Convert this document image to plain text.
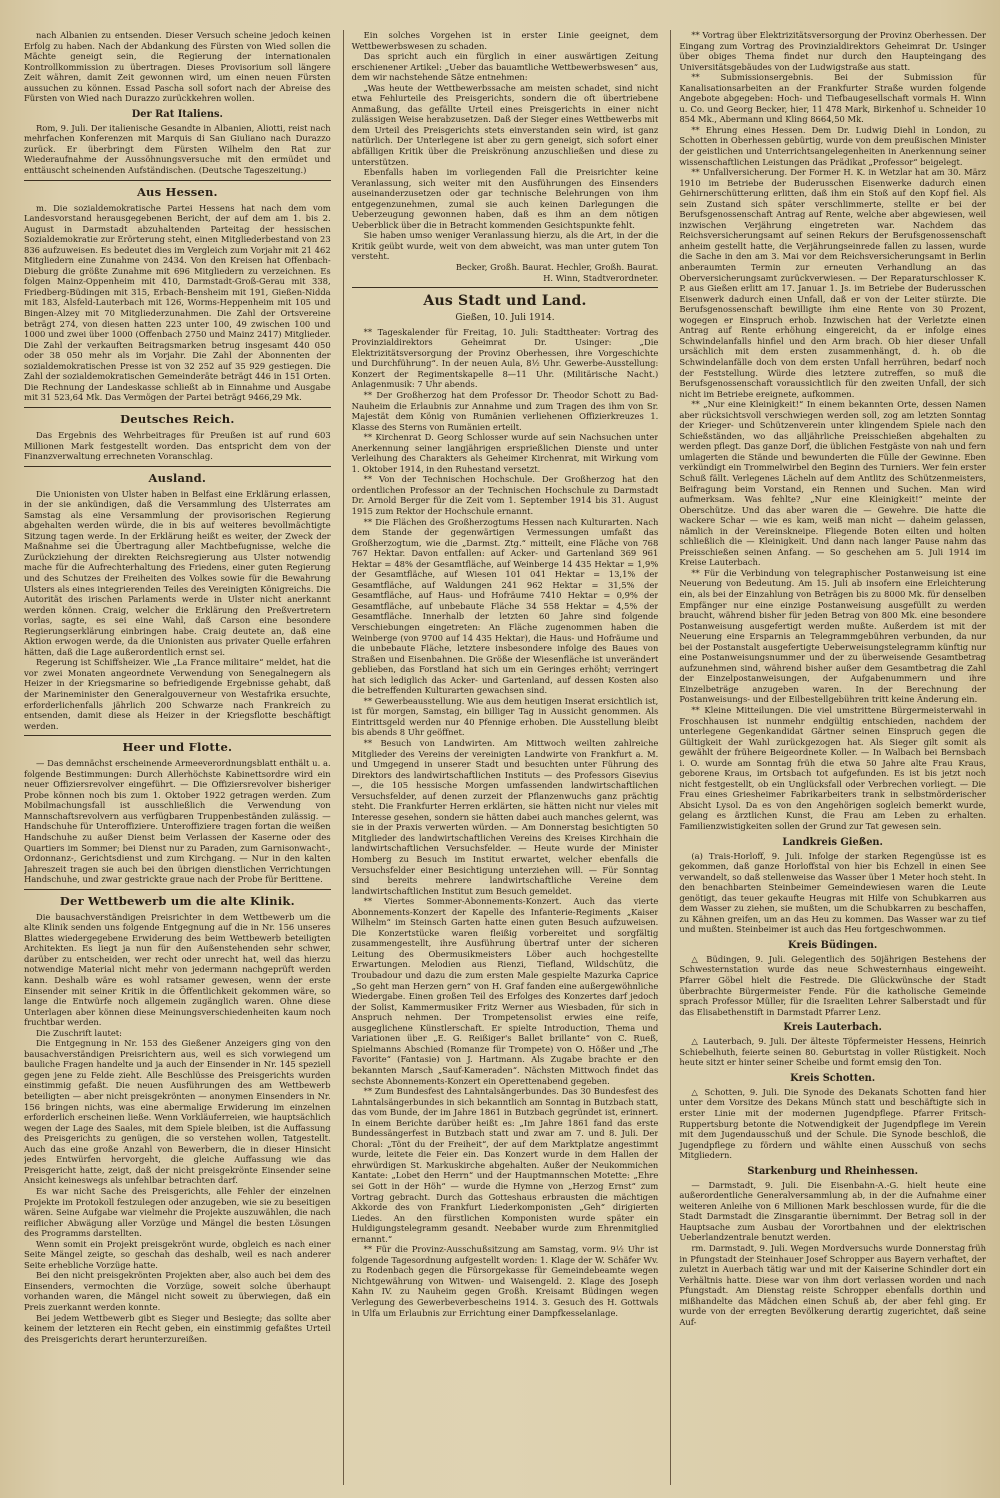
nach Albanien zu entsenden. Dieser Versuch scheine jedoch keinen Erfolg zu haben. Nach der Abdankung des Fürsten von Wied sollen die Mächte geneigt sein, die Regierung der internationalen Kontrollkommission zu übertragen. Dieses Provisorium soll längere Zeit währen, damit Zeit gewonnen wird, um einen neuen Fürsten aussuchen zu können. Essad Pascha soll sofort nach der Abreise des Fürsten von Wied nach Durazzo zurückkehren wollen.

Der Rat Italiens.

Rom, 9. Juli. Der italienische Gesandte in Albanien, Aliotti, reist nach mehrfachen Konferenzen mit Marquis di San Giuliano nach Durazzo zurück. Er überbringt dem Fürsten Wilhelm den Rat zur Wiederaufnahme der Aussöhnungsversuche mit den ermüdet und enttäuscht scheinenden Aufständischen. (Deutsche Tageszeitung.)

Aus Hessen.

m. Die sozialdemokratische Partei Hessens hat nach dem vom Landesvorstand herausgegebenen Bericht, der auf dem am 1. bis 2. August in Darmstadt abzuhaltenden Parteitag der hessischen Sozialdemokratie zur Erörterung steht, einen Mitgliederbestand von 23 836 aufzuweisen. Es bedeutet dies im Vergleich zum Vorjahr mit 21 462 Mitgliedern eine Zunahme von 2434. Von den Kreisen hat Offenbach-Dieburg die größte Zunahme mit 696 Mitgliedern zu verzeichnen. Es folgen Mainz-Oppenheim mit 410, Darmstadt-Groß-Gerau mit 338, Friedberg-Büdingen mit 315, Erbach-Bensheim mit 191, Gießen-Nidda mit 183, Alsfeld-Lauterbach mit 126, Worms-Heppenheim mit 105 und Bingen-Alzey mit 70 Mitgliederzunahmen. Die Zahl der Ortsvereine beträgt 274, von diesen hatten 223 unter 100, 49 zwischen 100 und 1000 und zwei über 1000 (Offenbach 2750 und Mainz 2417) Mitglieder. Die Zahl der verkauften Beitragsmarken betrug insgesamt 440 050 oder 38 050 mehr als im Vorjahr. Die Zahl der Abonnenten der sozialdemokratischen Presse ist von 32 252 auf 35 929 gestiegen. Die Zahl der sozialdemokratischen Gemeinderäte beträgt 446 in 151 Orten. Die Rechnung der Landeskasse schließt ab in Einnahme und Ausgabe mit 31 523,64 Mk. Das Vermögen der Partei beträgt 9466,29 Mk.

Deutsches Reich.

Das Ergebnis des Wehrbeitrages für Preußen ist auf rund 603 Millionen Mark festgestellt worden. Das entspricht dem von der Finanzverwaltung errechneten Voranschlag.

Ausland.

Die Unionisten von Ulster haben in Belfast eine Erklärung erlassen, in der sie ankündigen, daß die Versammlung des Ulsterrates am Samstag als eine Versammlung der provisorischen Regierung abgehalten werden würde, die in bis auf weiteres bevollmächtigte Sitzung tagen werde. In der Erklärung heißt es weiter, der Zweck der Maßnahme sei die Übertragung aller Machtbefugnisse, welche die Zurückziehung der direkten Reichsregierung aus Ulster notwendig mache für die Aufrechterhaltung des Friedens, einer guten Regierung und des Schutzes der Freiheiten des Volkes sowie für die Bewahrung Ulsters als eines integrierenden Teiles des Vereinigten Königreichs. Die Autorität des irischen Parlaments werde in Ulster nicht anerkannt werden können. Craig, welcher die Erklärung den Preßvertretern vorlas, sagte, es sei eine Wahl, daß Carson eine besondere Regierungserklärung einbringen habe. Craig deutete an, daß eine Aktion erwogen werde, da die Unionisten aus privater Quelle erfahren hätten, daß die Lage außerordentlich ernst sei.

Regerung ist Schiffsheizer. Wie „La France militaire“ meldet, hat die vor zwei Monaten angeordnete Verwendung von Senegalnegern als Heizer in der Kriegsmarine so befriedigende Ergebnisse gehabt, daß der Marineminister den Generalgouverneur von Westafrika ersuchte, erforderlichenfalls jährlich 200 Schwarze nach Frankreich zu entsenden, damit diese als Heizer in der Kriegsflotte beschäftigt werden.

Heer und Flotte.

— Das demnächst erscheinende Armeeverordnungsblatt enthält u. a. folgende Bestimmungen: Durch Allerhöchste Kabinettsordre wird ein neuer Offiziersrevolver eingeführt. — Die Offiziersrevolver bisheriger Probe können noch bis zum 1. Oktober 1922 getragen werden. Zum Mobilmachungsfall ist ausschließlich die Verwendung von Mannschaftsrevolvern aus verfügbaren Truppenbeständen zulässig. — Handschuhe für Unteroffiziere. Unteroffiziere tragen fortan die weißen Handschuhe zu außer Dienst beim Verlassen der Kaserne oder des Quartiers im Sommer; bei Dienst nur zu Paraden, zum Garnisonwacht-, Ordonnanz-, Gerichtsdienst und zum Kirchgang. — Nur in den kalten Jahreszeit tragen sie auch bei den übrigen dienstlichen Verrichtungen Handschuhe, und zwar gestrickte graue nach der Probe für Berittene.

Der Wettbewerb um die alte Klinik.

Die bausachverständigen Preisrichter in dem Wettbewerb um die alte Klinik senden uns folgende Entgegnung auf die in Nr. 156 unseres Blattes wiedergegebene Erwiderung des beim Wettbewerb beteiligten Architekten. Es liegt ja nun für den Außenstehenden sehr schwer, darüber zu entscheiden, wer recht oder unrecht hat, weil das hierzu notwendige Material nicht mehr von jedermann nachgeprüft werden kann. Deshalb wäre es wohl ratsamer gewesen, wenn der erste Einsender mit seiner Kritik in die Öffentlichkeit gekommen wäre, so lange die Entwürfe noch allgemein zugänglich waren. Ohne diese Unterlagen aber können diese Meinungsverschiedenheiten kaum noch fruchtbar werden.

Die Zuschrift lautet:

Die Entgegnung in Nr. 153 des Gießener Anzeigers ging von den bausachverständigen Preisrichtern aus, weil es sich vorwiegend um bauliche Fragen handelte und ja auch der Einsender in Nr. 145 speziell gegen jene zu Felde zieht. Alle Beschlüsse des Preisgerichts wurden einstimmig gefaßt. Die neuen Ausführungen des am Wettbewerb beteiligten — aber nicht preisgekrönten — anonymen Einsenders in Nr. 156 bringen nichts, was eine abermalige Erwiderung im einzelnen erforderlich erscheinen ließe. Wenn Vorkläuferreien, wie hauptsächlich wegen der Lage des Saales, mit dem Spiele bleiben, ist die Auffassung des Preisgerichts zu genügen, die so verstehen wollen, Tatgestellt. Auch das eine große Anzahl von Bewerbern, die in dieser Hinsicht jedes Entwürfen hervorgeht, die gleiche Auffassung wie das Preisgericht hatte, zeigt, daß der nicht preisgekrönte Einsender seine Ansicht keineswegs als unfehlbar betrachten darf.

Es war nicht Sache des Preisgerichts, alle Fehler der einzelnen Projekte im Protokoll festzulegen oder anzugeben, wie sie zu beseitigen wären. Seine Aufgabe war vielmehr die Projekte auszuwählen, die nach reiflicher Abwägung aller Vorzüge und Mängel die besten Lösungen des Programms darstellten.

Wenn somit ein Projekt preisgekrönt wurde, obgleich es nach einer Seite Mängel zeigte, so geschah das deshalb, weil es nach anderer Seite erhebliche Vorzüge hatte.

Bei den nicht preisgekrönten Projekten aber, also auch bei dem des Einsenders, vermochten die Vorzüge, soweit solche überhaupt vorhanden waren, die Mängel nicht soweit zu überwiegen, daß ein Preis zuerkannt werden konnte.

Bei jedem Wettbewerb gibt es Sieger und Besiegte; das sollte aber keinem der letzteren ein Recht geben, ein einstimmig gefaßtes Urteil des Preisgerichts derart herunterzureißen.

Ein solches Vorgehen ist in erster Linie geeignet, dem Wettbewerbswesen zu schaden.

Das spricht auch ein fürglich in einer auswärtigen Zeitung erschienener Artikel: „Ueber das bauamtliche Wettbewerbswesen“ aus, dem wir nachstehende Sätze entnehmen:

„Was heute der Wettbewerbssache am meisten schadet, sind nicht etwa Fehlurteile des Preisgerichts, sondern die oft übertriebene Anmaßung, das gefällte Urteil eines Preisgerichts in einer nicht zulässigen Weise herabzusetzen. Daß der Sieger eines Wettbewerbs mit dem Urteil des Preisgerichts stets einverstanden sein wird, ist ganz natürlich. Der Unterlegene ist aber zu gern geneigt, sich sofort einer abfälligen Kritik über die Preiskrönung anzuschließen und diese zu unterstützen.

Ebenfalls haben im vorliegenden Fall die Preisrichter keine Veranlassung, sich weiter mit den Ausführungen des Einsenders auseinanderzusetzen oder gar technische Belehrungen von ihm entgegenzunehmen, zumal sie auch keinen Darlegungen die Ueberzeugung gewonnen haben, daß es ihm an dem nötigen Ueberblick über die in Betracht kommenden Gesichtspunkte fehlt.

Sie haben umso weniger Veranlassung hierzu, als die Art, in der die Kritik geübt wurde, weit von dem abweicht, was man unter gutem Ton versteht.

Becker, Großh. Baurat. Hechler, Großh. Baurat.

H. Winn, Stadtverordneter.

Aus Stadt und Land.
Gießen, 10. Juli 1914.

** Tageskalender für Freitag, 10. Juli: Stadttheater: Vortrag des Provinzialdirektors Geheimrat Dr. Usinger: „Die Elektrizitätsversorgung der Provinz Oberhessen, ihre Vorgeschichte und Durchführung“. In der neuen Aula, 8½ Uhr. Gewerbe-Ausstellung: Konzert der Regimentskapelle 8—11 Uhr. (Militärische Nacht.) Anlagenmusik: 7 Uhr abends.

** Der Großherzog hat dem Professor Dr. Theodor Schott zu Bad-Nauheim die Erlaubnis zur Annahme und zum Tragen des ihm von Sr. Majestät dem König von Rumänien verliehenen Offizierkreuzes 1. Klasse des Sterns von Rumänien erteilt.

** Kirchenrat D. Georg Schlosser wurde auf sein Nachsuchen unter Anerkennung seiner langjährigen ersprießlichen Dienste und unter Verleihung des Charakters als Geheimer Kirchenrat, mit Wirkung vom 1. Oktober 1914, in den Ruhestand versetzt.

** Von der Technischen Hochschule. Der Großherzog hat den ordentlichen Professor an der Technischen Hochschule zu Darmstadt Dr. Arnold Berger für die Zeit vom 1. September 1914 bis 31. August 1915 zum Rektor der Hochschule ernannt.

** Die Flächen des Großherzogtums Hessen nach Kulturarten. Nach dem Stande der gegenwärtigen Vermessungen umfaßt das Großherzogtum, wie die „Darmst. Ztg.“ mitteilt, eine Fläche von 768 767 Hektar. Davon entfallen: auf Acker- und Gartenland 369 961 Hektar = 48% der Gesamtfläche, auf Weinberge 14 435 Hektar = 1,9% der Gesamtfläche, auf Wiesen 101 041 Hektar = 13,1% der Gesamtfläche, auf Waldungen 241 962 Hektar = 31,5% der Gesamtfläche, auf Haus- und Hofräume 7410 Hektar = 0,9% der Gesamtfläche, auf unbebaute Fläche 34 558 Hektar = 4,5% der Gesamtfläche. Innerhalb der letzten 60 Jahre sind folgende Verschiebungen eingetreten: An Fläche zugenommen haben die Weinberge (von 9700 auf 14 435 Hektar), die Haus- und Hofräume und die unbebaute Fläche, letztere insbesondere infolge des Baues von Straßen und Eisenbahnen. Die Größe der Wiesenfläche ist unverändert geblieben, das Forstland hat sich um ein Geringes erhöht; verringert hat sich lediglich das Acker- und Gartenland, auf dessen Kosten also die betreffenden Kulturarten gewachsen sind.

** Gewerbeausstellung. Wie aus dem heutigen Inserat ersichtlich ist, ist für morgen, Samstag, ein billiger Tag in Aussicht genommen. Als Eintrittsgeld werden nur 40 Pfennige erhoben. Die Ausstellung bleibt bis abends 8 Uhr geöffnet.

** Besuch von Landwirten. Am Mittwoch weilten zahlreiche Mitglieder des Vereins der vereinigten Landwirte von Frankfurt a. M. und Umgegend in unserer Stadt und besuchten unter Führung des Direktors des landwirtschaftlichen Instituts — des Professors Gisevius —, die 105 hessische Morgen umfassenden landwirtschaftlichen Versuchsfelder, auf denen zurzeit der Pflanzenwuchs ganz prächtig steht. Die Frankfurter Herren erklärten, sie hätten nicht nur vieles mit Interesse gesehen, sondern sie hätten dabei auch manches gelernt, was sie in der Praxis verwerten würden. — Am Donnerstag besichtigten 50 Mitglieder des landwirtschaftlichen Vereins des Kreises Kirchhain die landwirtschaftlichen Versuchsfelder. — Heute wurde der Minister Homberg zu Besuch im Institut erwartet, welcher ebenfalls die Versuchsfelder einer Besichtigung unterziehen will. — Für Sonntag sind bereits mehrere landwirtschaftliche Vereine dem landwirtschaftlichen Institut zum Besuch gemeldet.

** Viertes Sommer-Abonnements-Konzert. Auch das vierte Abonnements-Konzert der Kapelle des Infanterie-Regiments „Kaiser Wilhelm“ im Steinsch Garten hatte einen guten Besuch aufzuweisen. Die Konzertstücke waren fleißig vorbereitet und sorgfältig zusammengestellt, ihre Ausführung übertraf unter der sicheren Leitung des Obermusikmeisters Löber auch hochgestellte Erwartungen. Melodien aus Rienzi, Tiefland, Wildschütz, die Troubadour und dazu die zum ersten Male gespielte Mazurka Caprice „So geht man Herzen gern“ von H. Graf fanden eine außergewöhnliche Wiedergabe. Einen großen Teil des Erfolges des Konzertes darf jedoch der Solist, Kammermusiker Fritz Werner aus Wiesbaden, für sich in Anspruch nehmen. Der Trompetensolist erwies eine reife, ausgeglichene Künstlerschaft. Er spielte Introduction, Thema und Variationen über „E. G. Reißiger's Ballet brillante“ von C. Rueß, Spielmanns Abschied (Romanze für Trompete) von O. Hößer und „The Favorite“ (Fantasie) von J. Hartmann. Als Zugabe brachte er den bekannten Marsch „Sauf-Kameraden“. Nächsten Mittwoch findet das sechste Abonnements-Konzert ein Operettenabend gegeben.

** Zum Bundesfest des Lahntalsängerbundes. Das 30 Bundesfest des Lahntalsängerbundes in sich bekanntlich am Sonntag in Butzbach statt, das vom Bunde, der im Jahre 1861 in Butzbach gegründet ist, erinnert. In einem Berichte darüber heißt es: „Im Jahre 1861 fand das erste Bundessängerfest in Butzbach statt und zwar am 7. und 8. Juli. Der Choral: „Tönt du der Freiheit“, der auf dem Marktplatze angestimmt wurde, leitete die Feier ein. Das Konzert wurde in dem Hallen der ehrwürdigen St. Markuskirche abgehalten. Außer der Neukommichen Kantate: „Lobet den Herrn“ und der Hauptmannschen Motette: „Ehre sei Gott in der Höh“ — wurde die Hymne von „Herzog Ernst“ zum Vortrag gebracht. Durch das Gotteshaus erbrausten die mächtigen Akkorde des von Frankfurt Liederkomponisten „Geh“ dirigierten Liedes. An den fürstlichen Komponisten wurde später ein Huldigungstelegramm gesandt. Neebaber wurde zum Ehrenmitglied ernannt.“

** Für die Provinz-Ausschußsitzung am Samstag, vorm. 9½ Uhr ist folgende Tagesordnung aufgestellt worden: 1. Klage der W. Schäfer Wv. zu Rodenbach gegen die Fürsorgekasse für Gemeindebeamte wegen Nichtgewährung von Witwen- und Waisengeld. 2. Klage des Joseph Kahn IV. zu Nauheim gegen Großh. Kreisamt Büdingen wegen Verlegung des Gewerbeverbescheins 1914. 3. Gesuch des H. Gottwals in Ulfa um Erlaubnis zur Errichtung einer Dampfkesselanlage.

** Vortrag über Elektrizitätsversorgung der Provinz Oberhessen. Der Eingang zum Vortrag des Provinzialdirektors Geheimrat Dr. Usinger über obiges Thema findet nur durch den Haupteingang des Universitätsgebäudes von der Ludwigstraße aus statt.

** Submissionsergebnis. Bei der Submission für Kanalisationsarbeiten an der Frankfurter Straße wurden folgende Angebote abgegeben: Hoch- und Tiefbaugesellschaft vormals H. Winn u. Co. und Georg Becker, hier, 11 478 Mark, Birkenhof u. Schneider 10 854 Mk., Abermann und Kling 8664,50 Mk.

** Ehrung eines Hessen. Dem Dr. Ludwig Diehl in London, zu Schotten in Oberhessen gebürtig, wurde von dem preußischen Minister der geistlichen und Unterrichtsangelegenheiten in Anerkennung seiner wissenschaftlichen Leistungen das Prädikat „Professor“ beigelegt.

** Unfallversicherung. Der Former H. K. in Wetzlar hat am 30. März 1910 im Betriebe der Buderusschen Eisenwerke dadurch einen Gehirnerschütterung erlitten, daß ihm ein Stoß auf den Kopf fiel. Als sein Zustand sich später verschlimmerte, stellte er bei der Berufsgenossenschaft Antrag auf Rente, welche aber abgewiesen, weil inzwischen Verjährung eingetreten war. Nachdem das Reichsversicherungsamt auf seinen Rekurs der Berufsgenossenschaft anheim gestellt hatte, die Verjährungseinrede fallen zu lassen, wurde die Sache in den am 3. Mai vor dem Reichsversicherungsamt in Berlin anberaumten Termin zur erneuten Verhandlung an das Oberversicherungsamt zurückverwiesen. — Der Reparaturschlosser K. P. aus Gießen erlitt am 17. Januar 1. Js. im Betriebe der Buderusschen Eisenwerk dadurch einen Unfall, daß er von der Leiter stürzte. Die Berufsgenossenschaft bewilligte ihm eine Rente von 30 Prozent, wogegen er Einspruch erhob. Inzwischen hat der Verletzte einen Antrag auf Rente erhöhung eingereicht, da er infolge eines Schwindelanfalls hinfiel und den Arm brach. Ob hier dieser Unfall ursächlich mit dem ersten zusammenhängt, d. h. ob die Schwindelanfälle doch von dem ersten Unfall herrühren, bedarf noch der Feststellung. Würde dies letztere zutreffen, so muß die Berufsgenossenschaft voraussichtlich für den zweiten Unfall, der sich nicht im Betriebe ereignete, aufkommen.

** „Nur eine Kleinigkeit!“ In einem bekannten Orte, dessen Namen aber rücksichtsvoll verschwiegen werden soll, zog am letzten Sonntag der Krieger- und Schützenverein unter klingendem Spiele nach den Schießständen, wo das alljährliche Preisschießen abgehalten zu werden pflegt. Das ganze Dorf, die üblichen Festgäste von nah und fern umlagerten die Stände und bewunderten die Fülle der Gewinne. Eben verkündigt ein Trommelwirbel den Beginn des Turniers. Wer fein erster Schuß fällt. Verlegenes Lächeln auf dem Antlitz des Schützenmeisters, Beifragung beim Vorstand, ein Rennen und Suchen. Man wird aufmerksam. Was fehlte? „Nur eine Kleinigkeit!“ meinte der Oberschütze. Und das aber waren die — Gewehre. Die hatte die wackere Schar — wie es kam, weiß man nicht — daheim gelassen, nämlich in der Vereinskneipe. Fliegende Boten eilten und holten schließlich die — Kleinigkeit. Und dann nach langer Pause nahm das Preisschießen seinen Anfang. — So geschehen am 5. Juli 1914 im Kreise Lauterbach.

** Für die Verbindung von telegraphischer Postanweisung ist eine Neuerung von Bedeutung. Am 15. Juli ab insofern eine Erleichterung ein, als bei der Einzahlung von Beträgen bis zu 8000 Mk. für denselben Empfänger nur eine einzige Postanweisung ausgefüllt zu werden braucht, während bisher für jeden Betrag von 800 Mk. eine besondere Postanweisung ausgefertigt werden mußte. Außerdem ist mit der Neuerung eine Ersparnis an Telegrammgebühren verbunden, da nur bei der Postanstalt ausgefertigte Ueberweisungstelegramm künftig nur eine Postanweisungsnummer und der zu überweisende Gesamtbetrag aufzunehmen sind, während bisher außer dem Gesamtbetrag die Zahl der Einzelpostanweisungen, der Aufgabenummern und ihre Einzelbeträge anzugeben waren. In der Berechnung der Postanweisungs- und der Eilbestellgebühren tritt keine Änderung ein.

** Kleine Mitteilungen. Die viel umstrittene Bürgermeisterwahl in Froschhausen ist nunmehr endgültig entschieden, nachdem der unterlegene Gegenkandidat Gärtner seinen Einspruch gegen die Gültigkeit der Wahl zurückgezogen hat. Als Sieger gilt somit als gewählt der frühere Beigeordnete Koller. — In Walbach bei Bernsbach i. O. wurde am Sonntag früh die etwa 50 Jahre alte Frau Kraus, geborene Kraus, im Ortsbach tot aufgefunden. Es ist bis jetzt noch nicht festgestellt, ob ein Unglücksfall oder Verbrechen vorliegt. — Die Frau eines Griesheimer Fabrikarbeiters trank in selbstmörderischer Absicht Lysol. Da es von den Angehörigen sogleich bemerkt wurde, gelang es ärztlichen Kunst, die Frau am Leben zu erhalten. Familienzwistigkeiten sollen der Grund zur Tat gewesen sein.

Landkreis Gießen.

(a) Trais-Horloff, 9. Juli. Infolge der starken Regengüsse ist es gekommen, daß ganze Horloffstal von hier bis Echzell in einen See verwandelt, so daß stellenweise das Wasser über 1 Meter hoch steht. In den benachbarten Steinbeimer Gemeindewiesen waren die Leute genötigt, das teuer gekaufte Heugras mit Hilfe von Schubkarren aus dem Wasser zu ziehen, sie mußten, um die Schubkarren zu beschaffen, zu Kähnen greifen, um an das Heu zu kommen. Das Wasser war zu tief und mußten. Steinbeimer ist auch das Heu fortgeschwommen.

Kreis Büdingen.

△ Büdingen, 9. Juli. Gelegentlich des 50jährigen Bestehens der Schwesternstation wurde das neue Schwesternhaus eingeweiht. Pfarrer Göbel hielt die Festrede. Die Glückwünsche der Stadt überbrachte Bürgermeister Fende. Für die katholische Gemeinde sprach Professor Müller, für die Israeliten Lehrer Salberstadt und für das Elisabethenstift in Darmstadt Pfarrer Lenz.

Kreis Lauterbach.

△ Lauterbach, 9. Juli. Der älteste Töpfermeister Hessens, Heinrich Schiebelhuth, feierte seinen 80. Geburtstag in voller Rüstigkeit. Noch heute sitzt er hinter seiner Scheibe und formt emsig den Ton.

Kreis Schotten.

△ Schotten, 9. Juli. Die Synode des Dekanats Schotten fand hier unter dem Vorsitze des Dekans Münch statt und beschäftigte sich in erster Linie mit der modernen Jugendpflege. Pfarrer Fritsch-Ruppertsburg betonte die Notwendigkeit der Jugendpflege im Verein mit dem Jugendausschuß und der Schule. Die Synode beschloß, die Jugendpflege zu fördern und wählte einen Ausschuß von sechs Mitgliedern.

Starkenburg und Rheinhessen.

— Darmstadt, 9. Juli. Die Eisenbahn-A.-G. hielt heute eine außerordentliche Generalversammlung ab, in der die Aufnahme einer weiteren Anleihe von 6 Millionen Mark beschlossen wurde, für die die Stadt Darmstadt die Zinsgarantie übernimmt. Der Betrag soll in der Hauptsache zum Ausbau der Vorortbahnen und der elektrischen Ueberlandzentrale benutzt werden.

rm. Darmstadt, 9. Juli. Wegen Mordversuchs wurde Donnerstag früh in Pfungstadt der Steinhauer Josef Schropper aus Bayern verhaftet, der zuletzt in Auerbach tätig war und mit der Kaiserine Schindler dort ein Verhältnis hatte. Diese war von ihm dort verlassen worden und nach Pfungstadt. Am Dienstag reiste Schropper ebenfalls dorthin und mißhandelte das Mädchen einen Schuß ab, der aber fehl ging. Er wurde von der erregten Bevölkerung derartig zugerichtet, daß seine Auf-
